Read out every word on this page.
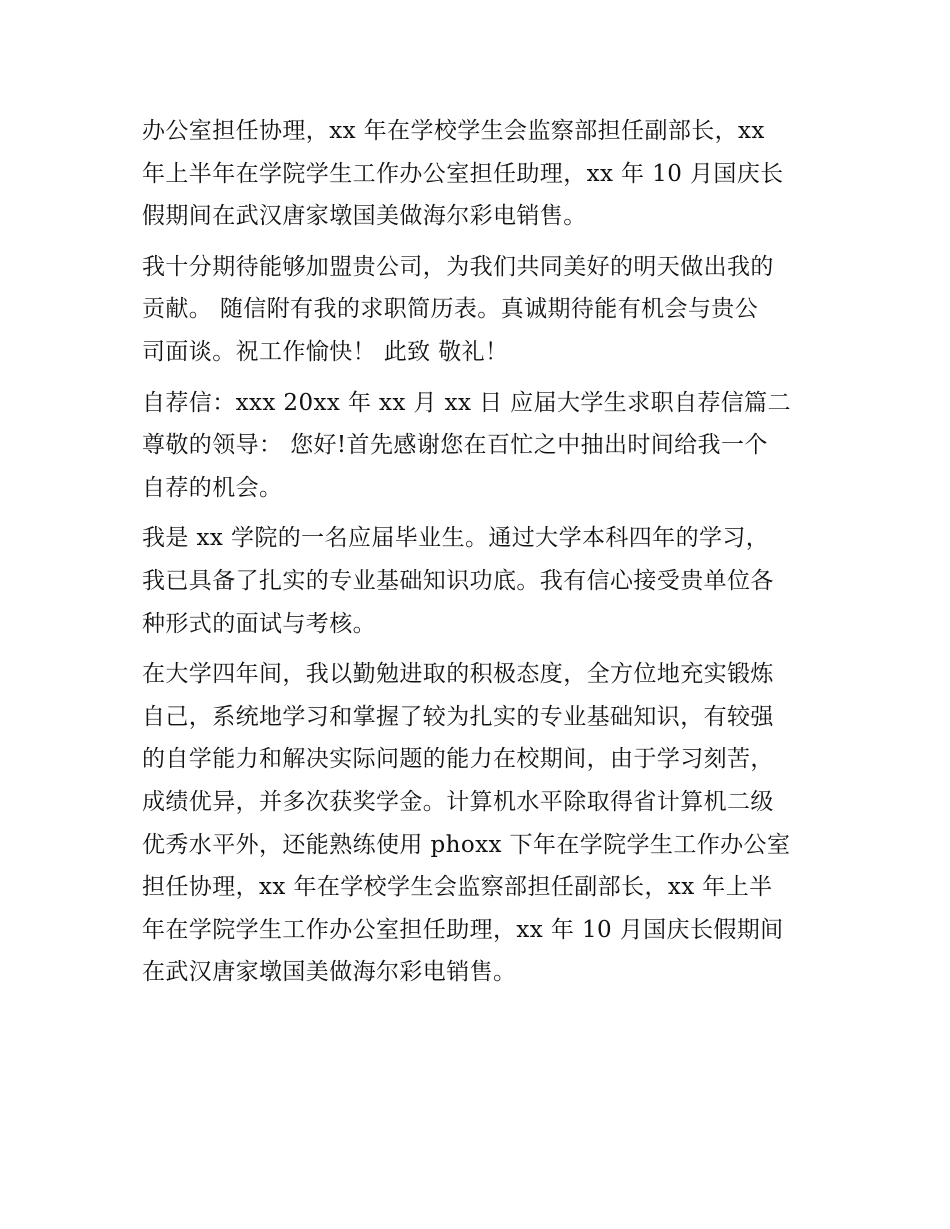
办公室担任协理，xx 年在学校学生会监察部担任副部长，xx
年上半年在学院学生工作办公室担任助理，xx 年 10 月国庆长
假期间在武汉唐家墩国美做海尔彩电销售。
我十分期待能够加盟贵公司，为我们共同美好的明天做出我的
贡献。 随信附有我的求职简历表。真诚期待能有机会与贵公
司面谈。祝工作愉快！ 此致 敬礼！
自荐信：xxx 20xx 年 xx 月 xx 日 应届大学生求职自荐信篇二
尊敬的领导： 您好!首先感谢您在百忙之中抽出时间给我一个
自荐的机会。
我是 xx 学院的一名应届毕业生。通过大学本科四年的学习，
我已具备了扎实的专业基础知识功底。我有信心接受贵单位各
种形式的面试与考核。
在大学四年间，我以勤勉进取的积极态度，全方位地充实锻炼
自己，系统地学习和掌握了较为扎实的专业基础知识，有较强
的自学能力和解决实际问题的能力在校期间，由于学习刻苦，
成绩优异，并多次获奖学金。计算机水平除取得省计算机二级
优秀水平外，还能熟练使用 phoxx 下年在学院学生工作办公室
担任协理，xx 年在学校学生会监察部担任副部长，xx 年上半
年在学院学生工作办公室担任助理，xx 年 10 月国庆长假期间
在武汉唐家墩国美做海尔彩电销售。
